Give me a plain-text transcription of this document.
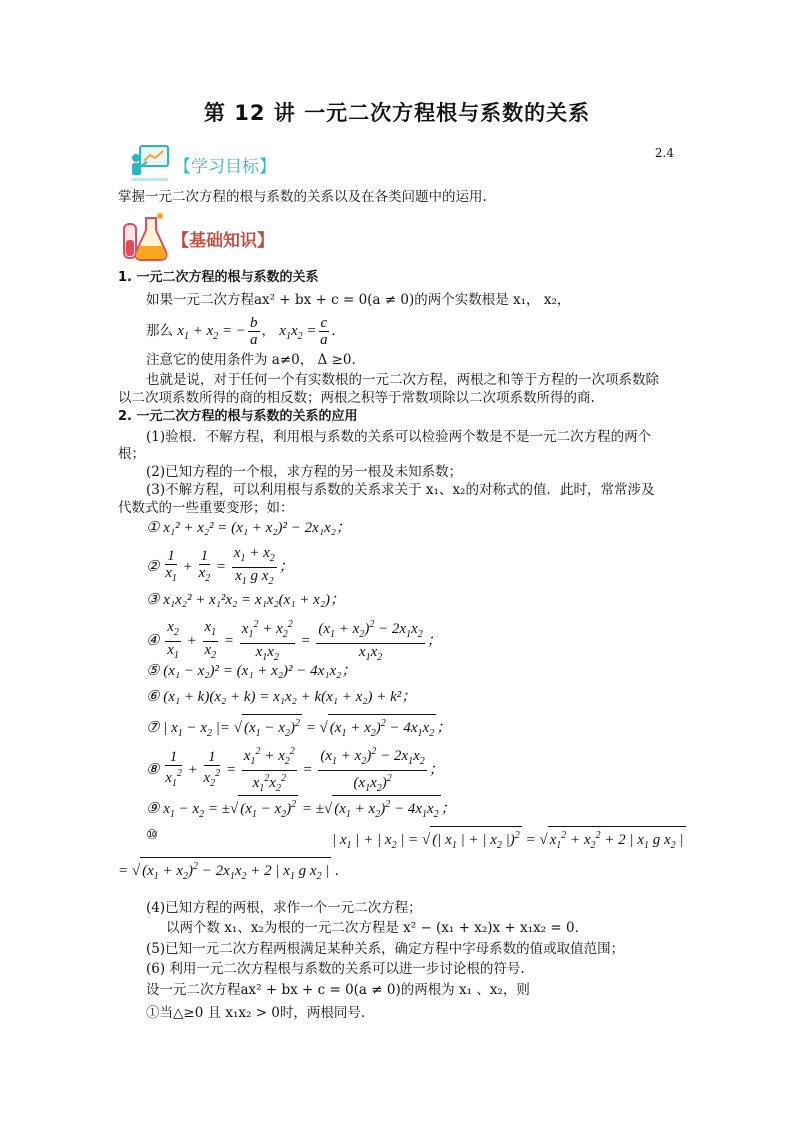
第 12 讲 一元二次方程根与系数的关系
2.4
【学习目标】
掌握一元二次方程的根与系数的关系以及在各类问题中的运用.
【基础知识】
1. 一元二次方程的根与系数的关系
如果一元二次方程ax² + bx + c = 0(a ≠ 0)的两个实数根是 x₁， x₂，
那么 $x_1 + x_2$ = − $\frac{b}{a}$ ， $x_1x_2 = \frac{c}{a}$ .
注意它的使用条件为 a≠0， Δ ≥0.
也就是说，对于任何一个有实数根的一元二次方程，两根之和等于方程的一次项系数除
以二次项系数所得的商的相反数；两根之积等于常数项除以二次项系数所得的商.
2. 一元二次方程的根与系数的关系的应用
(1)验根．不解方程，利用根与系数的关系可以检验两个数是不是一元二次方程的两个
根；
(2)已知方程的一个根，求方程的另一根及未知系数；
(3)不解方程，可以利用根与系数的关系求关于 x₁、x₂的对称式的值．此时，常常涉及
代数式的一些重要变形；如：
① x₁² + x₂² = (x₁ + x₂)² − 2x₁x₂；
② $\frac{1}{x_1} + \frac{1}{x_2} = \frac{x_1 + x_2}{x_1 g x_2}$ ；
③ x₁x₂² + x₁²x₂ = x₁x₂(x₁ + x₂)；
④ $\frac{x_2}{x_1} + \frac{x_1}{x_2} = \frac{x_1^2 + x_2^2}{x_1x_2} = \frac{(x_1 + x_2)^2 - 2x_1x_2}{x_1x_2}$ ；
⑤ (x₁ − x₂)² = (x₁ + x₂)² − 4x₁x₂；
⑥ (x₁ + k)(x₂ + k) = x₁x₂ + k(x₁ + x₂) + k²；
⑦ | $x_1 - x_2$ |= √ $(x_1 - x_2)^2$ = √ $(x_1 + x_2)^2 - 4x_1x_2$ ；
⑧ $\frac{1}{x_1^2} + \frac{1}{x_2^2} = \frac{x_1^2 + x_2^2}{x_1^2x_2^2} = \frac{(x_1 + x_2)^2 - 2x_1x_2}{(x_1x_2)^2}$ ；
⑨ $x_1 - x_2$ = ±√ $(x_1 - x_2)^2$ = ±√ $(x_1 + x_2)^2 - 4x_1x_2$ ；
⑩	| $x_1$ | + | $x_2$ | = √ (| $x_1$ | + | $x_2$ |)$^2$ = √ $x_1^2 + x_2^2 + 2$ | $x_1$ g $x_2$ |
= √ $(x_1 + x_2)^2 - 2x_1x_2 + 2$ | $x_1$ g $x_2$ | .
(4)已知方程的两根，求作一个一元二次方程；
以两个数 x₁、x₂为根的一元二次方程是 x² − (x₁ + x₂)x + x₁x₂ = 0．
(5)已知一元二次方程两根满足某种关系，确定方程中字母系数的值或取值范围；
(6) 利用一元二次方程根与系数的关系可以进一步讨论根的符号.
设一元二次方程ax² + bx + c = 0(a ≠ 0)的两根为 x₁ 、x₂，则
①当△≥0 且 x₁x₂ > 0时，两根同号.
